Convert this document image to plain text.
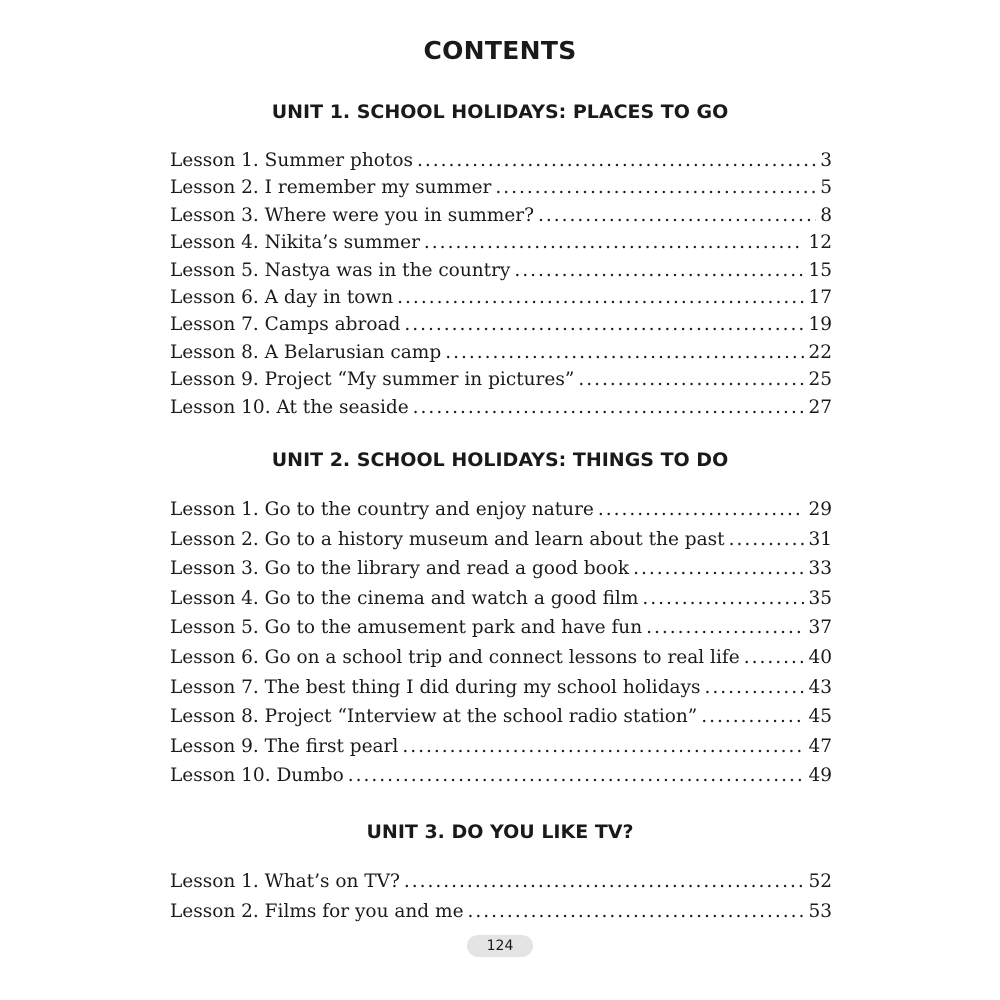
CONTENTS
UNIT 1. SCHOOL HOLIDAYS: PLACES TO GO
Lesson 1. Summer photos .....	3
Lesson 2. I remember my summer .....	5
Lesson 3. Where were you in summer? .....	8
Lesson 4. Nikita’s summer .....	12
Lesson 5. Nastya was in the country .....	15
Lesson 6. A day in town .....	17
Lesson 7. Camps abroad .....	19
Lesson 8. A Belarusian camp .....	22
Lesson 9. Project “My summer in pictures” .....	25
Lesson 10. At the seaside .....	27
UNIT 2. SCHOOL HOLIDAYS: THINGS TO DO
Lesson 1. Go to the country and enjoy nature .....	29
Lesson 2. Go to a history museum and learn about the past .....	31
Lesson 3. Go to the library and read a good book .....	33
Lesson 4. Go to the cinema and watch a good film .....	35
Lesson 5. Go to the amusement park and have fun .....	37
Lesson 6. Go on a school trip and connect lessons to real life .....	40
Lesson 7. The best thing I did during my school holidays .....	43
Lesson 8. Project “Interview at the school radio station” .....	45
Lesson 9. The first pearl .....	47
Lesson 10. Dumbo .....	49
UNIT 3. DO YOU LIKE TV?
Lesson 1. What’s on TV? .....	52
Lesson 2. Films for you and me .....	53
124
